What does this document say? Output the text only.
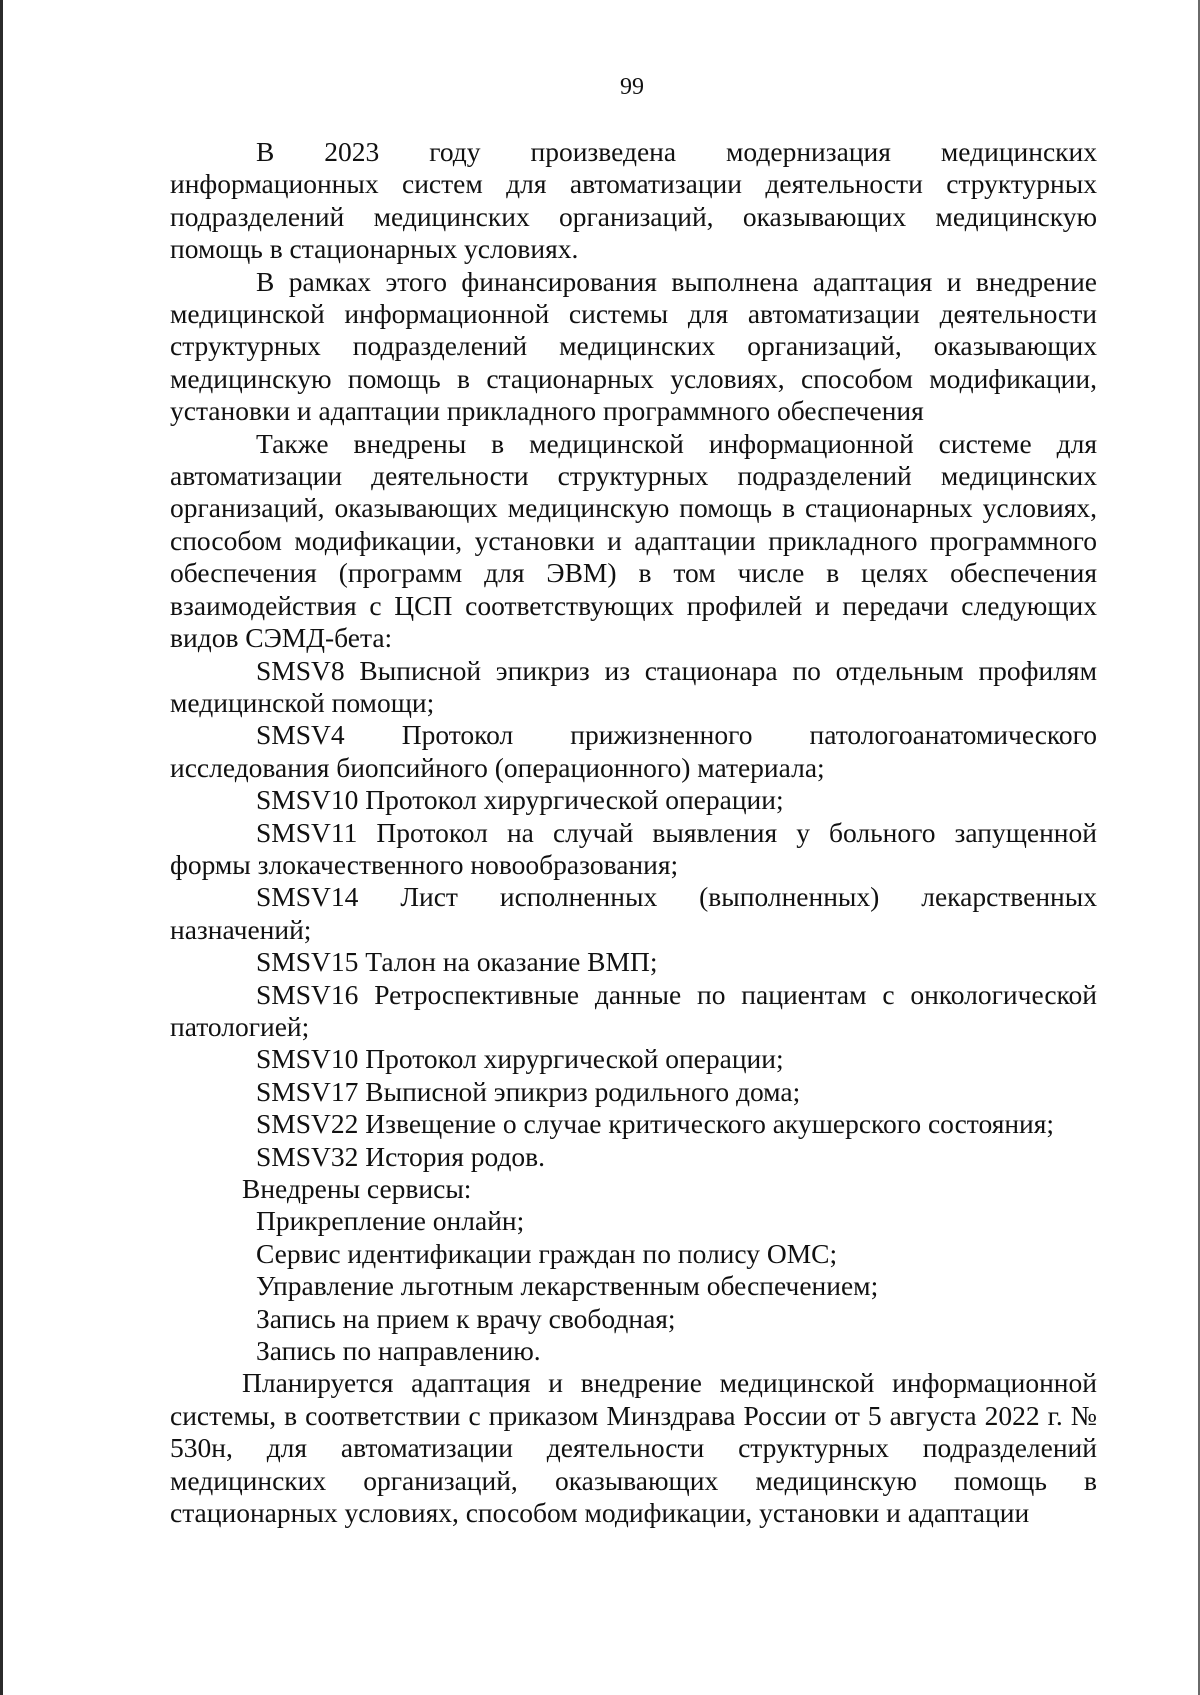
99

В 2023 году произведена модернизация медицинских информационных систем для автоматизации деятельности структурных подразделений медицинских организаций, оказывающих медицинскую помощь в стационарных условиях.

В рамках этого финансирования выполнена адаптация и внедрение медицинской информационной системы для автоматизации деятельности структурных подразделений медицинских организаций, оказывающих медицинскую помощь в стационарных условиях, способом модификации, установки и адаптации прикладного программного обеспечения

Также внедрены в медицинской информационной системе для автоматизации деятельности структурных подразделений медицинских организаций, оказывающих медицинскую помощь в стационарных условиях, способом модификации, установки и адаптации прикладного программного обеспечения (программ для ЭВМ) в том числе в целях обеспечения взаимодействия с ЦСП соответствующих профилей и передачи следующих видов СЭМД-бета:

SMSV8 Выписной эпикриз из стационара по отдельным профилям медицинской помощи;

SMSV4 Протокол прижизненного патологоанатомического исследования биопсийного (операционного) материала;

SMSV10 Протокол хирургической операции;

SMSV11 Протокол на случай выявления у больного запущенной формы злокачественного новообразования;

SMSV14 Лист исполненных (выполненных) лекарственных назначений;

SMSV15 Талон на оказание ВМП;

SMSV16 Ретроспективные данные по пациентам с онкологической патологией;

SMSV10 Протокол хирургической операции;

SMSV17 Выписной эпикриз родильного дома;

SMSV22 Извещение о случае критического акушерского состояния;

SMSV32 История родов.

Внедрены сервисы:

Прикрепление онлайн;

Сервис идентификации граждан по полису ОМС;

Управление льготным лекарственным обеспечением;

Запись на прием к врачу свободная;

Запись по направлению.

Планируется адаптация и внедрение медицинской информационной системы, в соответствии с приказом Минздрава России от 5 августа 2022 г. № 530н, для автоматизации деятельности структурных подразделений медицинских организаций, оказывающих медицинскую помощь в стационарных условиях, способом модификации, установки и адаптации
